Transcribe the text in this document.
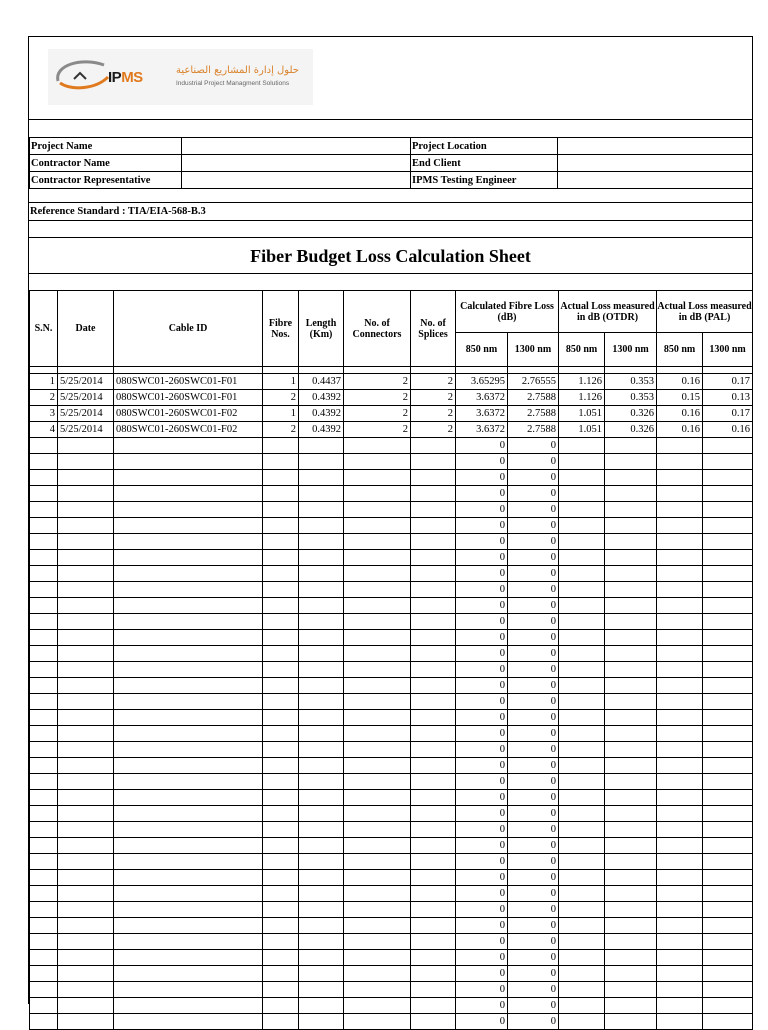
IPMS	حلول إدارة المشاريع الصناعية
Industrial Project Managment Solutions
Project Name		Project Location	
Contractor Name		End Client	
Contractor Representative		IPMS Testing Engineer	
Reference Standard : TIA/EIA-568-B.3
Fiber Budget Loss Calculation Sheet
S.N.	Date	Cable ID	Fibre Nos.	Length (Km)	No. of Connectors	No. of Splices	Calculated Fibre Loss (dB)		Actual Loss measured in dB (OTDR)		Actual Loss measured in dB (PAL)	
							850 nm	1300 nm	850 nm	1300 nm	850 nm	1300 nm

1	5/25/2014	080SWC01-260SWC01-F01	1	0.4437	2	2	3.65295	2.76555	1.126	0.353	0.16	0.17
2	5/25/2014	080SWC01-260SWC01-F01	2	0.4392	2	2	3.6372	2.7588	1.126	0.353	0.15	0.13
3	5/25/2014	080SWC01-260SWC01-F02	1	0.4392	2	2	3.6372	2.7588	1.051	0.326	0.16	0.17
4	5/25/2014	080SWC01-260SWC01-F02	2	0.4392	2	2	3.6372	2.7588	1.051	0.326	0.16	0.16
							0	0				
							0	0				
							0	0				
							0	0				
							0	0				
							0	0				
							0	0				
							0	0				
							0	0				
							0	0				
							0	0				
							0	0				
							0	0				
							0	0				
							0	0				
							0	0				
							0	0				
							0	0				
							0	0				
							0	0				
							0	0				
							0	0				
							0	0				
							0	0				
							0	0				
							0	0				
							0	0				
							0	0				
							0	0				
							0	0				
							0	0				
							0	0				
							0	0				
							0	0				
							0	0				
							0	0				
							0	0				
